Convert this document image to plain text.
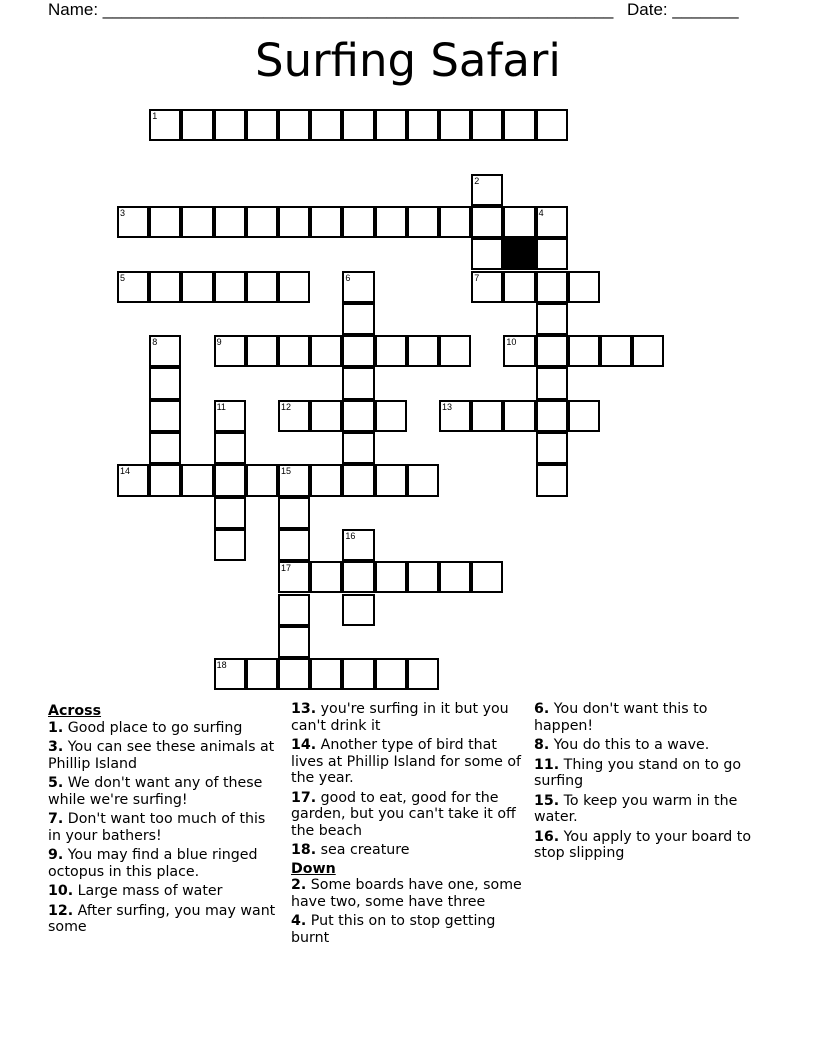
Name: ______________________________________________________ Date: _______
Surfing Safari
1
2
7
3	4
5	6
8	9	10
11	12	13
14	15
17
16
18
Across
1. Good place to go surfing
3. You can see these animals at Phillip Island
5. We don't want any of these while we're surfing!
7. Don't want too much of this in your bathers!
9. You may find a blue ringed octopus in this place.
10. Large mass of water
12. After surfing, you may want some
13. you're surfing in it but you can't drink it
14. Another type of bird that lives at Phillip Island for some of the year.
17. good to eat, good for the garden, but you can't take it off the beach
18. sea creature
Down
2. Some boards have one, some have two, some have three
4. Put this on to stop getting burnt
6. You don't want this to happen!
8. You do this to a wave.
11. Thing you stand on to go surfing
15. To keep you warm in the water.
16. You apply to your board to stop slipping
